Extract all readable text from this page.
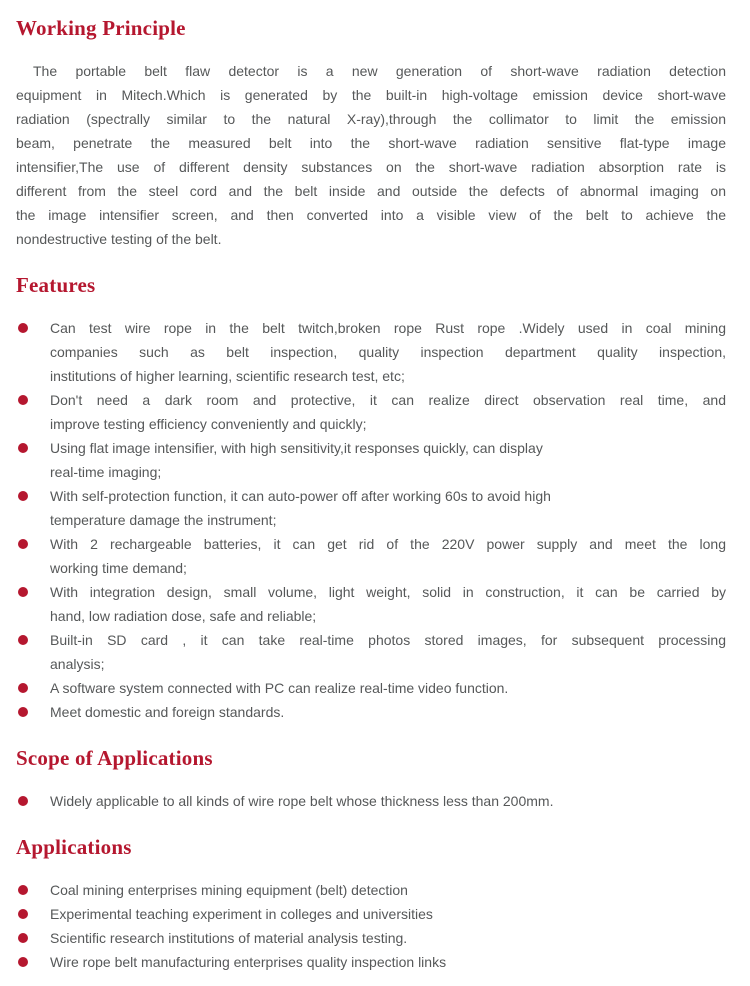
Working Principle

The portable belt flaw detector is a new generation of short-wave radiation detection
equipment in Mitech.Which is generated by the built-in high-voltage emission device short-wave
radiation (spectrally similar to the natural X-ray),through the collimator to limit the emission
beam, penetrate the measured belt into the short-wave radiation sensitive flat-type image
intensifier,The use of different density substances on the short-wave radiation absorption rate is
different from the steel cord and the belt inside and outside the defects of abnormal imaging on
the image intensifier screen, and then converted into a visible view of the belt to achieve the
nondestructive testing of the belt.

Features
Can test wire rope in the belt twitch,broken rope Rust rope .Widely used in coal mining
companies such as belt inspection, quality inspection department quality inspection,
institutions of higher learning, scientific research test, etc;
Don't need a dark room and protective, it can realize direct observation real time, and
improve testing efficiency conveniently and quickly;
Using flat image intensifier, with high sensitivity,it responses quickly, can display
real-time imaging;
With self-protection function, it can auto-power off after working 60s to avoid high
temperature damage the instrument;
With 2 rechargeable batteries, it can get rid of the 220V power supply and meet the long
working time demand;
With integration design, small volume, light weight, solid in construction, it can be carried by
hand, low radiation dose, safe and reliable;
Built-in SD card , it can take real-time photos stored images, for subsequent processing
analysis;
A software system connected with PC can realize real-time video function.
Meet domestic and foreign standards.
Scope of Applications
Widely applicable to all kinds of wire rope belt whose thickness less than 200mm.
Applications
Coal mining enterprises mining equipment (belt) detection
Experimental teaching experiment in colleges and universities
Scientific research institutions of material analysis testing.
Wire rope belt manufacturing enterprises quality inspection links
